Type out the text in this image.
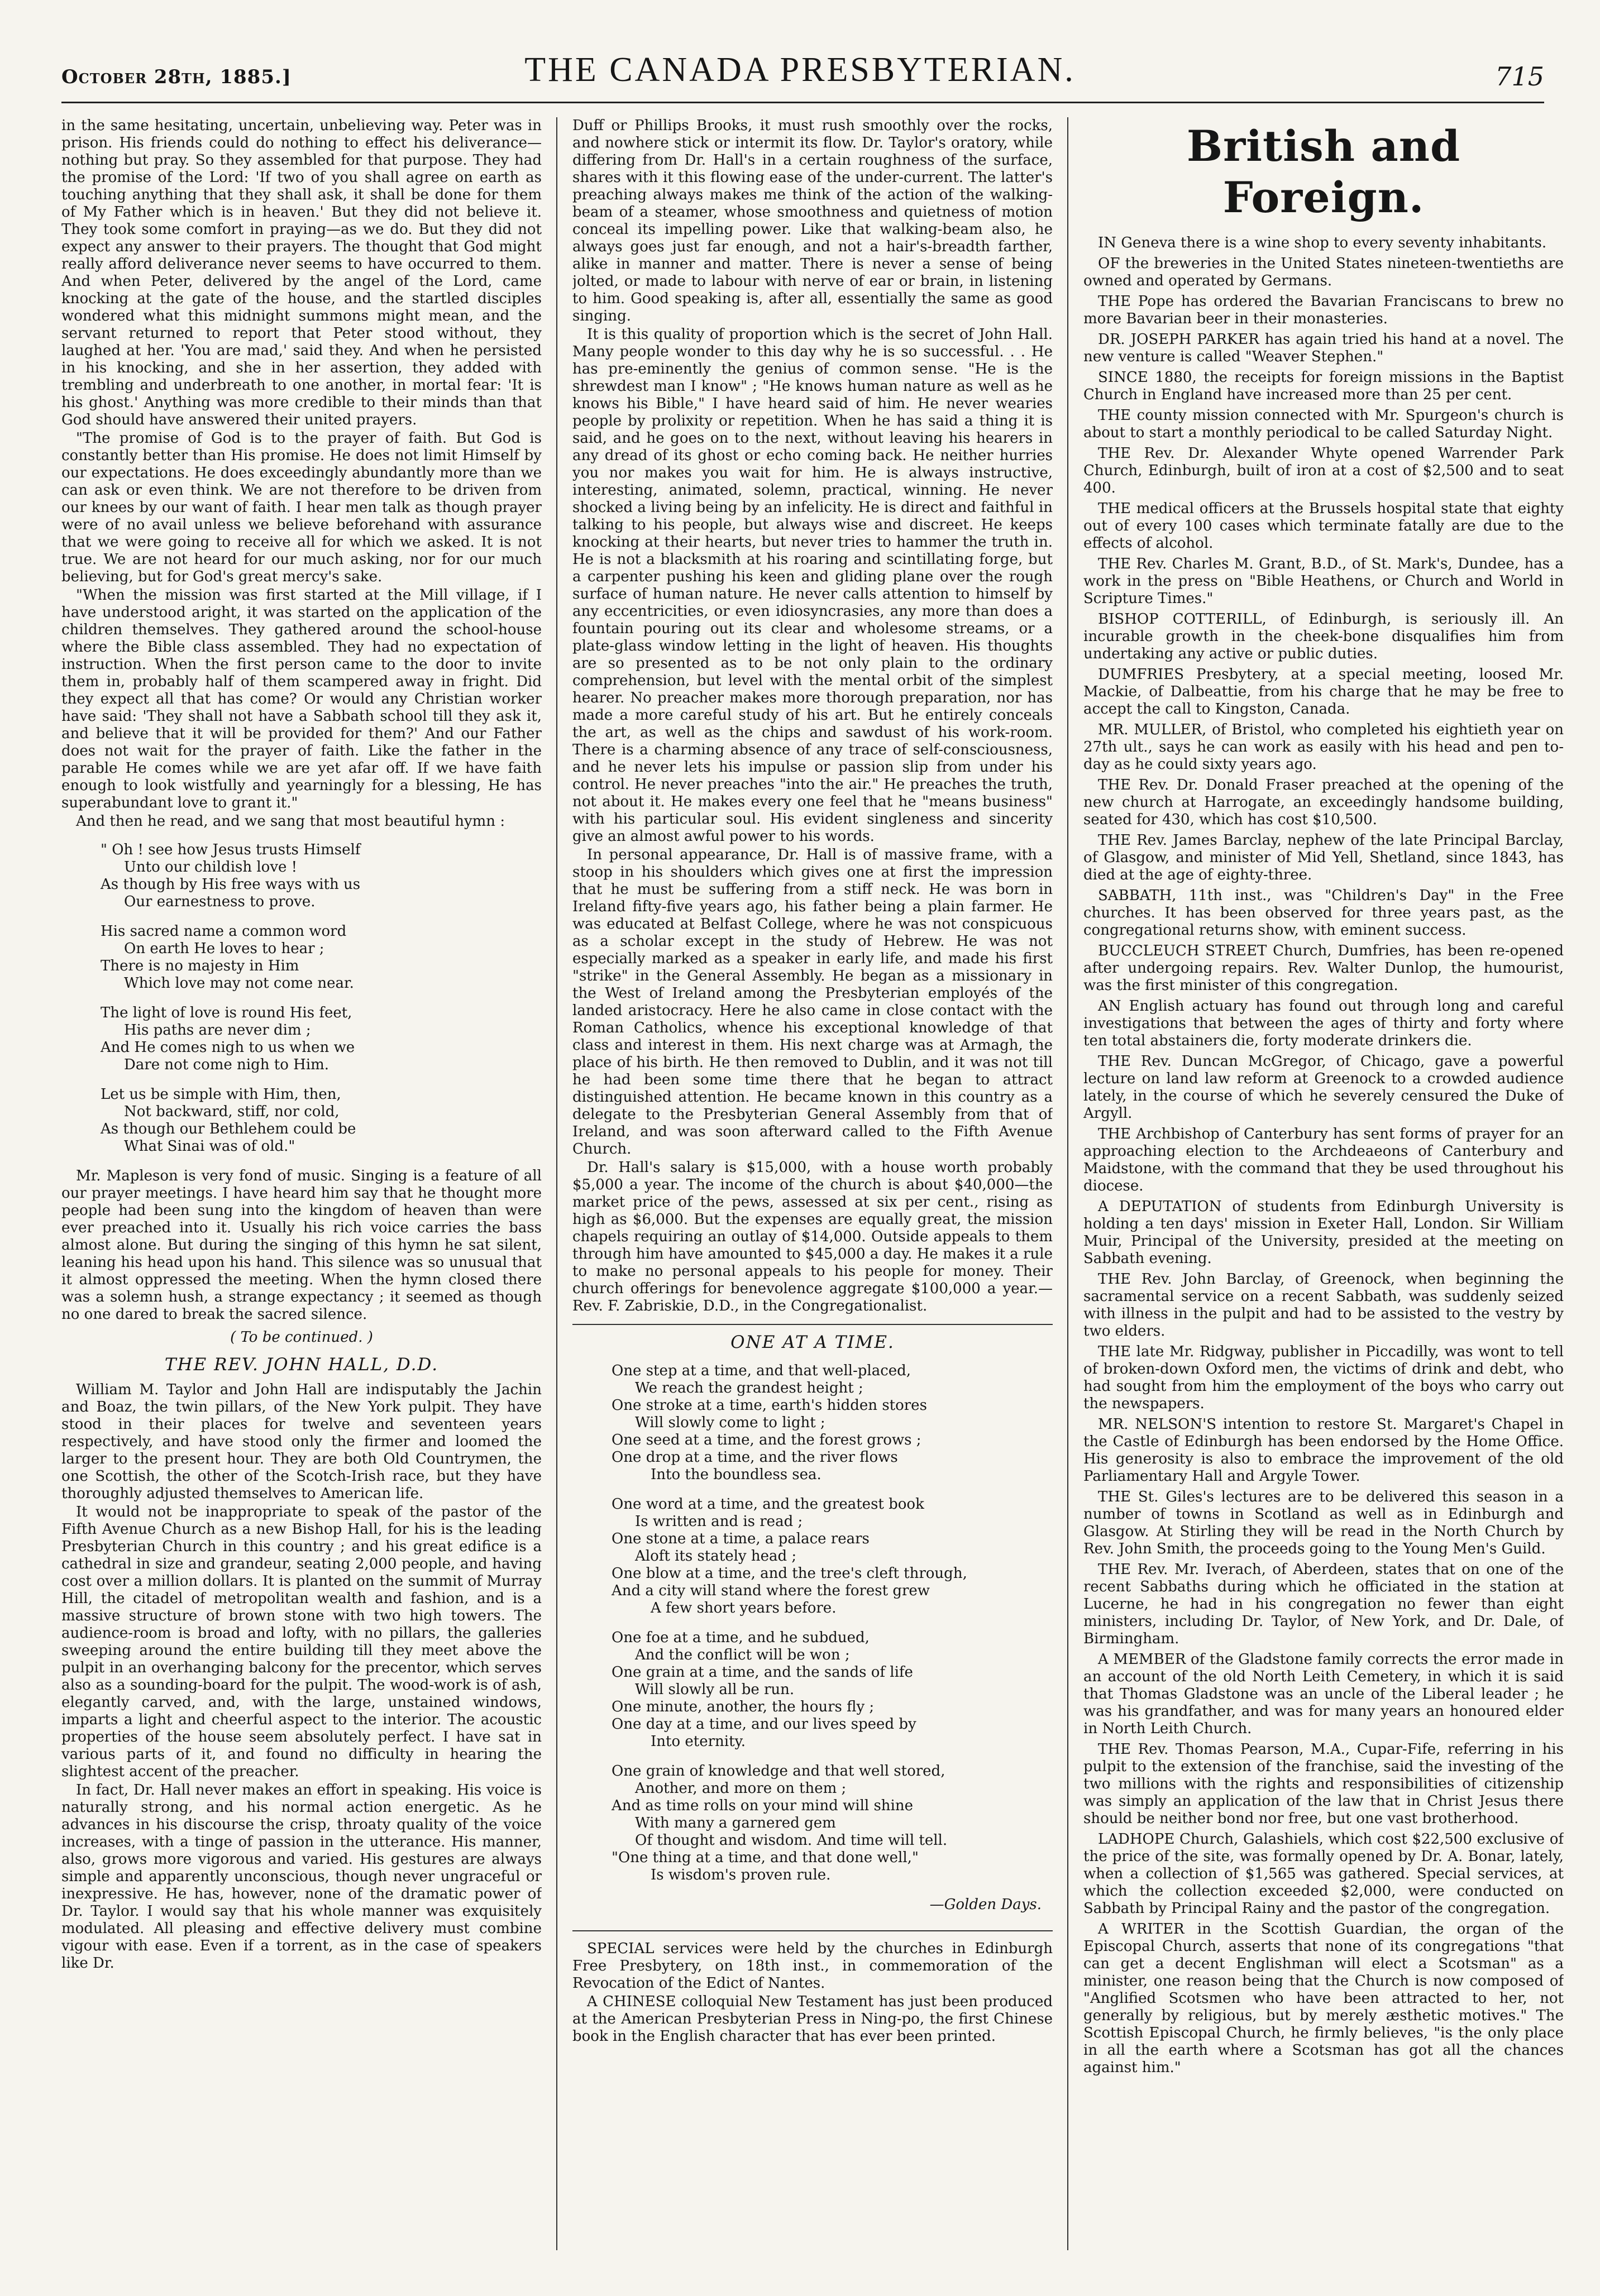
October 28th, 1885.]	THE CANADA PRESBYTERIAN.	715

in the same hesitating, uncertain, unbelieving way. Peter was in prison. His friends could do nothing to effect his deliverance—nothing but pray. So they assembled for that purpose. They had the promise of the Lord: 'If two of you shall agree on earth as touching anything that they shall ask, it shall be done for them of My Father which is in heaven.' But they did not believe it. They took some comfort in praying—as we do. But they did not expect any answer to their prayers. The thought that God might really afford deliverance never seems to have occurred to them. And when Peter, delivered by the angel of the Lord, came knocking at the gate of the house, and the startled disciples wondered what this midnight summons might mean, and the servant returned to report that Peter stood without, they laughed at her. 'You are mad,' said they. And when he persisted in his knocking, and she in her assertion, they added with trembling and underbreath to one another, in mortal fear: 'It is his ghost.' Anything was more credible to their minds than that God should have answered their united prayers.

"The promise of God is to the prayer of faith. But God is constantly better than His promise. He does not limit Himself by our expectations. He does exceedingly abundantly more than we can ask or even think. We are not therefore to be driven from our knees by our want of faith. I hear men talk as though prayer were of no avail unless we believe beforehand with assurance that we were going to receive all for which we asked. It is not true. We are not heard for our much asking, nor for our much believing, but for God's great mercy's sake.

"When the mission was first started at the Mill village, if I have understood aright, it was started on the application of the children themselves. They gathered around the school-house where the Bible class assembled. They had no expectation of instruction. When the first person came to the door to invite them in, probably half of them scampered away in fright. Did they expect all that has come? Or would any Christian worker have said: 'They shall not have a Sabbath school till they ask it, and believe that it will be provided for them?' And our Father does not wait for the prayer of faith. Like the father in the parable He comes while we are yet afar off. If we have faith enough to look wistfully and yearningly for a blessing, He has superabundant love to grant it."

And then he read, and we sang that most beautiful hymn :

" Oh ! see how Jesus trusts Himself
Unto our childish love !
As though by His free ways with us
Our earnestness to prove.
His sacred name a common word
On earth He loves to hear ;
There is no majesty in Him
Which love may not come near.
The light of love is round His feet,
His paths are never dim ;
And He comes nigh to us when we
Dare not come nigh to Him.
Let us be simple with Him, then,
Not backward, stiff, nor cold,
As though our Bethlehem could be
What Sinai was of old."

Mr. Mapleson is very fond of music. Singing is a feature of all our prayer meetings. I have heard him say that he thought more people had been sung into the kingdom of heaven than were ever preached into it. Usually his rich voice carries the bass almost alone. But during the singing of this hymn he sat silent, leaning his head upon his hand. This silence was so unusual that it almost oppressed the meeting. When the hymn closed there was a solemn hush, a strange expectancy ; it seemed as though no one dared to break the sacred silence.

( To be continued. )
THE REV. JOHN HALL, D.D.

William M. Taylor and John Hall are indisputably the Jachin and Boaz, the twin pillars, of the New York pulpit. They have stood in their places for twelve and seventeen years respectively, and have stood only the firmer and loomed the larger to the present hour. They are both Old Countrymen, the one Scottish, the other of the Scotch-Irish race, but they have thoroughly adjusted themselves to American life.

It would not be inappropriate to speak of the pastor of the Fifth Avenue Church as a new Bishop Hall, for his is the leading Presbyterian Church in this country ; and his great edifice is a cathedral in size and grandeur, seating 2,000 people, and having cost over a million dollars. It is planted on the summit of Murray Hill, the citadel of metropolitan wealth and fashion, and is a massive structure of brown stone with two high towers. The audience-room is broad and lofty, with no pillars, the galleries sweeping around the entire building till they meet above the pulpit in an overhanging balcony for the precentor, which serves also as a sounding-board for the pulpit. The wood-work is of ash, elegantly carved, and, with the large, unstained windows, imparts a light and cheerful aspect to the interior. The acoustic properties of the house seem absolutely perfect. I have sat in various parts of it, and found no difficulty in hearing the slightest accent of the preacher.

In fact, Dr. Hall never makes an effort in speaking. His voice is naturally strong, and his normal action energetic. As he advances in his discourse the crisp, throaty quality of the voice increases, with a tinge of passion in the utterance. His manner, also, grows more vigorous and varied. His gestures are always simple and apparently unconscious, though never ungraceful or inexpressive. He has, however, none of the dramatic power of Dr. Taylor. I would say that his whole manner was exquisitely modulated. All pleasing and effective delivery must combine vigour with ease. Even if a torrent, as in the case of speakers like Dr.

Duff or Phillips Brooks, it must rush smoothly over the rocks, and nowhere stick or intermit its flow. Dr. Taylor's oratory, while differing from Dr. Hall's in a certain roughness of the surface, shares with it this flowing ease of the under-current. The latter's preaching always makes me think of the action of the walking-beam of a steamer, whose smoothness and quietness of motion conceal its impelling power. Like that walking-beam also, he always goes just far enough, and not a hair's-breadth farther, alike in manner and matter. There is never a sense of being jolted, or made to labour with nerve of ear or brain, in listening to him. Good speaking is, after all, essentially the same as good singing.

It is this quality of proportion which is the secret of John Hall. Many people wonder to this day why he is so successful. . . He has pre-eminently the genius of common sense. "He is the shrewdest man I know" ; "He knows human nature as well as he knows his Bible," I have heard said of him. He never wearies people by prolixity or repetition. When he has said a thing it is said, and he goes on to the next, without leaving his hearers in any dread of its ghost or echo coming back. He neither hurries you nor makes you wait for him. He is always instructive, interesting, animated, solemn, practical, winning. He never shocked a living being by an infelicity. He is direct and faithful in talking to his people, but always wise and discreet. He keeps knocking at their hearts, but never tries to hammer the truth in. He is not a blacksmith at his roaring and scintillating forge, but a carpenter pushing his keen and gliding plane over the rough surface of human nature. He never calls attention to himself by any eccentricities, or even idiosyncrasies, any more than does a fountain pouring out its clear and wholesome streams, or a plate-glass window letting in the light of heaven. His thoughts are so presented as to be not only plain to the ordinary comprehension, but level with the mental orbit of the simplest hearer. No preacher makes more thorough preparation, nor has made a more careful study of his art. But he entirely conceals the art, as well as the chips and sawdust of his work-room. There is a charming absence of any trace of self-consciousness, and he never lets his impulse or passion slip from under his control. He never preaches "into the air." He preaches the truth, not about it. He makes every one feel that he "means business" with his particular soul. His evident singleness and sincerity give an almost awful power to his words.

In personal appearance, Dr. Hall is of massive frame, with a stoop in his shoulders which gives one at first the impression that he must be suffering from a stiff neck. He was born in Ireland fifty-five years ago, his father being a plain farmer. He was educated at Belfast College, where he was not conspicuous as a scholar except in the study of Hebrew. He was not especially marked as a speaker in early life, and made his first "strike" in the General Assembly. He began as a missionary in the West of Ireland among the Presbyterian employés of the landed aristocracy. Here he also came in close contact with the Roman Catholics, whence his exceptional knowledge of that class and interest in them. His next charge was at Armagh, the place of his birth. He then removed to Dublin, and it was not till he had been some time there that he began to attract distinguished attention. He became known in this country as a delegate to the Presbyterian General Assembly from that of Ireland, and was soon afterward called to the Fifth Avenue Church.

Dr. Hall's salary is $15,000, with a house worth probably $5,000 a year. The income of the church is about $40,000—the market price of the pews, assessed at six per cent., rising as high as $6,000. But the expenses are equally great, the mission chapels requiring an outlay of $14,000. Outside appeals to them through him have amounted to $45,000 a day. He makes it a rule to make no personal appeals to his people for money. Their church offerings for benevolence aggregate $100,000 a year.—Rev. F. Zabriskie, D.D., in the Congregationalist.

ONE AT A TIME.
One step at a time, and that well-placed,
We reach the grandest height ;
One stroke at a time, earth's hidden stores
Will slowly come to light ;
One seed at a time, and the forest grows ;
One drop at a time, and the river flows
Into the boundless sea.
One word at a time, and the greatest book
Is written and is read ;
One stone at a time, a palace rears
Aloft its stately head ;
One blow at a time, and the tree's cleft through,
And a city will stand where the forest grew
A few short years before.
One foe at a time, and he subdued,
And the conflict will be won ;
One grain at a time, and the sands of life
Will slowly all be run.
One minute, another, the hours fly ;
One day at a time, and our lives speed by
Into eternity.
One grain of knowledge and that well stored,
Another, and more on them ;
And as time rolls on your mind will shine
With many a garnered gem
Of thought and wisdom. And time will tell.
"One thing at a time, and that done well,"
Is wisdom's proven rule.
—Golden Days.

SPECIAL services were held by the churches in Edinburgh Free Presbytery, on 18th inst., in commemoration of the Revocation of the Edict of Nantes.

A CHINESE colloquial New Testament has just been produced at the American Presbyterian Press in Ning-po, the first Chinese book in the English character that has ever been printed.

British and Foreign.

IN Geneva there is a wine shop to every seventy inhabitants.

OF the breweries in the United States nineteen-twentieths are owned and operated by Germans.

THE Pope has ordered the Bavarian Franciscans to brew no more Bavarian beer in their monasteries.

DR. JOSEPH PARKER has again tried his hand at a novel. The new venture is called "Weaver Stephen."

SINCE 1880, the receipts for foreign missions in the Baptist Church in England have increased more than 25 per cent.

THE county mission connected with Mr. Spurgeon's church is about to start a monthly periodical to be called Saturday Night.

THE Rev. Dr. Alexander Whyte opened Warrender Park Church, Edinburgh, built of iron at a cost of $2,500 and to seat 400.

THE medical officers at the Brussels hospital state that eighty out of every 100 cases which terminate fatally are due to the effects of alcohol.

THE Rev. Charles M. Grant, B.D., of St. Mark's, Dundee, has a work in the press on "Bible Heathens, or Church and World in Scripture Times."

BISHOP COTTERILL, of Edinburgh, is seriously ill. An incurable growth in the cheek-bone disqualifies him from undertaking any active or public duties.

DUMFRIES Presbytery, at a special meeting, loosed Mr. Mackie, of Dalbeattie, from his charge that he may be free to accept the call to Kingston, Canada.

MR. MULLER, of Bristol, who completed his eightieth year on 27th ult., says he can work as easily with his head and pen to-day as he could sixty years ago.

THE Rev. Dr. Donald Fraser preached at the opening of the new church at Harrogate, an exceedingly handsome building, seated for 430, which has cost $10,500.

THE Rev. James Barclay, nephew of the late Principal Barclay, of Glasgow, and minister of Mid Yell, Shetland, since 1843, has died at the age of eighty-three.

SABBATH, 11th inst., was "Children's Day" in the Free churches. It has been observed for three years past, as the congregational returns show, with eminent success.

BUCCLEUCH STREET Church, Dumfries, has been re-opened after undergoing repairs. Rev. Walter Dunlop, the humourist, was the first minister of this congregation.

AN English actuary has found out through long and careful investigations that between the ages of thirty and forty where ten total abstainers die, forty moderate drinkers die.

THE Rev. Duncan McGregor, of Chicago, gave a powerful lecture on land law reform at Greenock to a crowded audience lately, in the course of which he severely censured the Duke of Argyll.

THE Archbishop of Canterbury has sent forms of prayer for an approaching election to the Archdeaeons of Canterbury and Maidstone, with the command that they be used throughout his diocese.

A DEPUTATION of students from Edinburgh University is holding a ten days' mission in Exeter Hall, London. Sir William Muir, Principal of the University, presided at the meeting on Sabbath evening.

THE Rev. John Barclay, of Greenock, when beginning the sacramental service on a recent Sabbath, was suddenly seized with illness in the pulpit and had to be assisted to the vestry by two elders.

THE late Mr. Ridgway, publisher in Piccadilly, was wont to tell of broken-down Oxford men, the victims of drink and debt, who had sought from him the employment of the boys who carry out the newspapers.

MR. NELSON'S intention to restore St. Margaret's Chapel in the Castle of Edinburgh has been endorsed by the Home Office. His generosity is also to embrace the improvement of the old Parliamentary Hall and Argyle Tower.

THE St. Giles's lectures are to be delivered this season in a number of towns in Scotland as well as in Edinburgh and Glasgow. At Stirling they will be read in the North Church by Rev. John Smith, the proceeds going to the Young Men's Guild.

THE Rev. Mr. Iverach, of Aberdeen, states that on one of the recent Sabbaths during which he officiated in the station at Lucerne, he had in his congregation no fewer than eight ministers, including Dr. Taylor, of New York, and Dr. Dale, of Birmingham.

A MEMBER of the Gladstone family corrects the error made in an account of the old North Leith Cemetery, in which it is said that Thomas Gladstone was an uncle of the Liberal leader ; he was his grandfather, and was for many years an honoured elder in North Leith Church.

THE Rev. Thomas Pearson, M.A., Cupar-Fife, referring in his pulpit to the extension of the franchise, said the investing of the two millions with the rights and responsibilities of citizenship was simply an application of the law that in Christ Jesus there should be neither bond nor free, but one vast brotherhood.

LADHOPE Church, Galashiels, which cost $22,500 exclusive of the price of the site, was formally opened by Dr. A. Bonar, lately, when a collection of $1,565 was gathered. Special services, at which the collection exceeded $2,000, were conducted on Sabbath by Principal Rainy and the pastor of the congregation.

A WRITER in the Scottish Guardian, the organ of the Episcopal Church, asserts that none of its congregations "that can get a decent Englishman will elect a Scotsman" as a minister, one reason being that the Church is now composed of "Anglified Scotsmen who have been attracted to her, not generally by religious, but by merely æsthetic motives." The Scottish Episcopal Church, he firmly believes, "is the only place in all the earth where a Scotsman has got all the chances against him."
